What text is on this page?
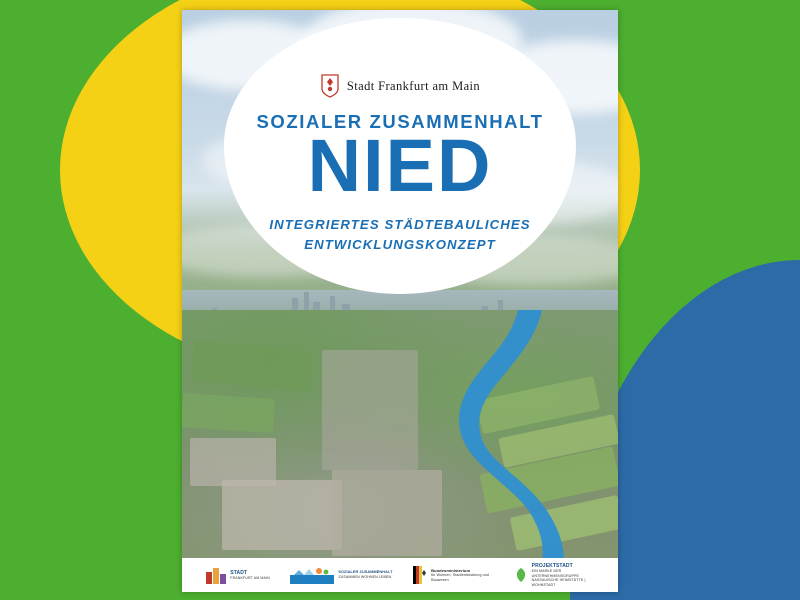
Stadt Frankfurt am Main
SOZIALER ZUSAMMENHALT
NIED
INTEGRIERTES STÄDTEBAULICHES
ENTWICKLUNGSKONZEPT
STADT
FRANKFURT AM MAIN
SOZIALER ZUSAMMENHALT
ZUSAMMEN WOHNEN LEBEN
Bundesministerium
für Wohnen, Stadtentwicklung und Bauwesen
PROJEKTSTADT
EIN MARKE DER UNTERNEHMENSGRUPPE NASSAUISCHE HEIMSTÄTTE | WOHNSTADT
